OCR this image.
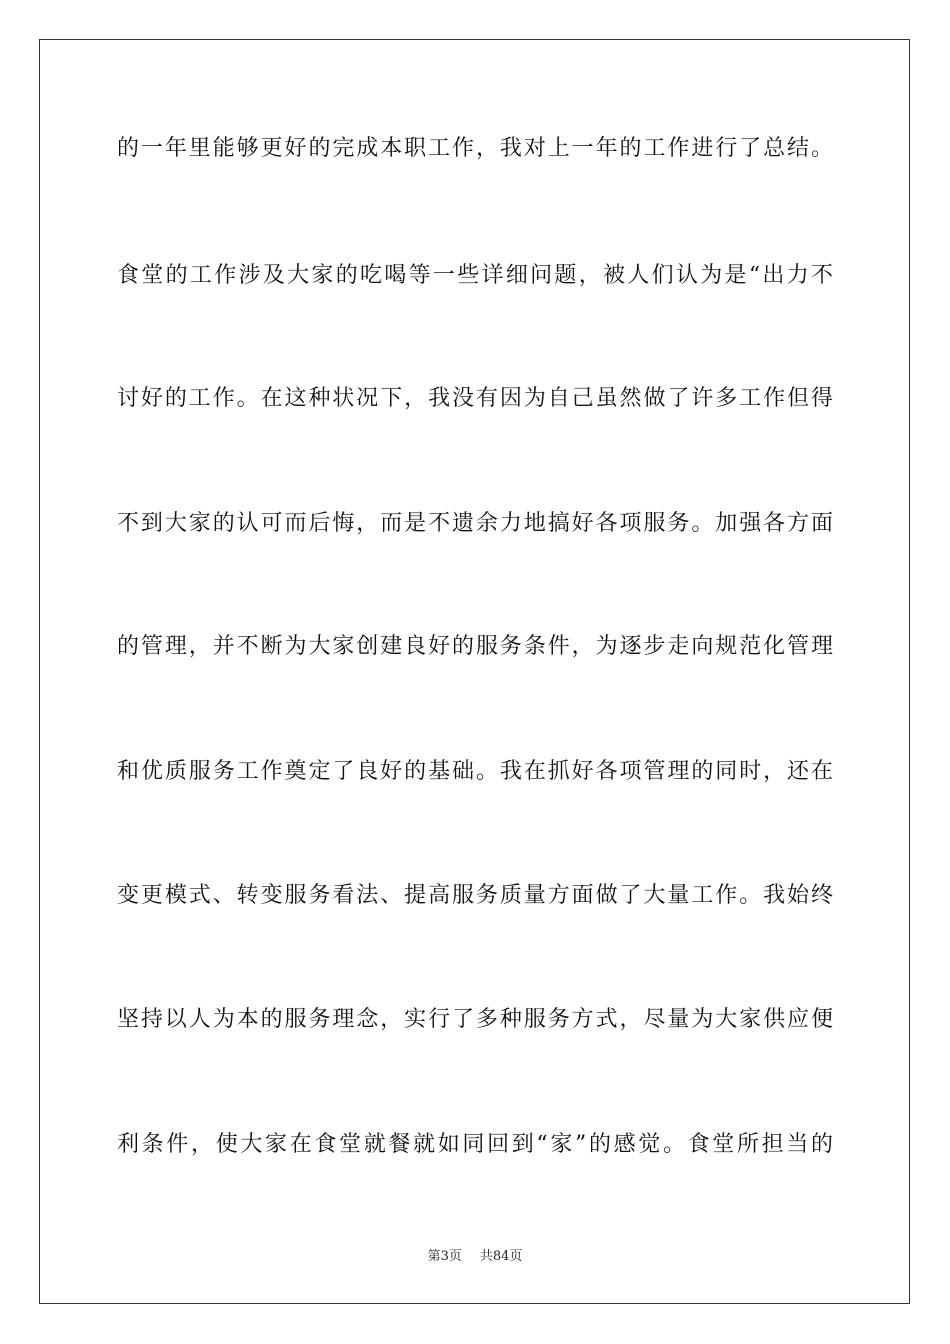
的一年里能够更好的完成本职工作，我对上一年的工作进行了总结。
食堂的工作涉及大家的吃喝等一些详细问题，被人们认为是“出力不
讨好的工作。在这种状况下，我没有因为自己虽然做了许多工作但得
不到大家的认可而后悔，而是不遗余力地搞好各项服务。加强各方面
的管理，并不断为大家创建良好的服务条件，为逐步走向规范化管理
和优质服务工作奠定了良好的基础。我在抓好各项管理的同时，还在
变更模式、转变服务看法、提高服务质量方面做了大量工作。我始终
坚持以人为本的服务理念，实行了多种服务方式，尽量为大家供应便
利条件，使大家在食堂就餐就如同回到“家”的感觉。食堂所担当的
第3页 共84页
